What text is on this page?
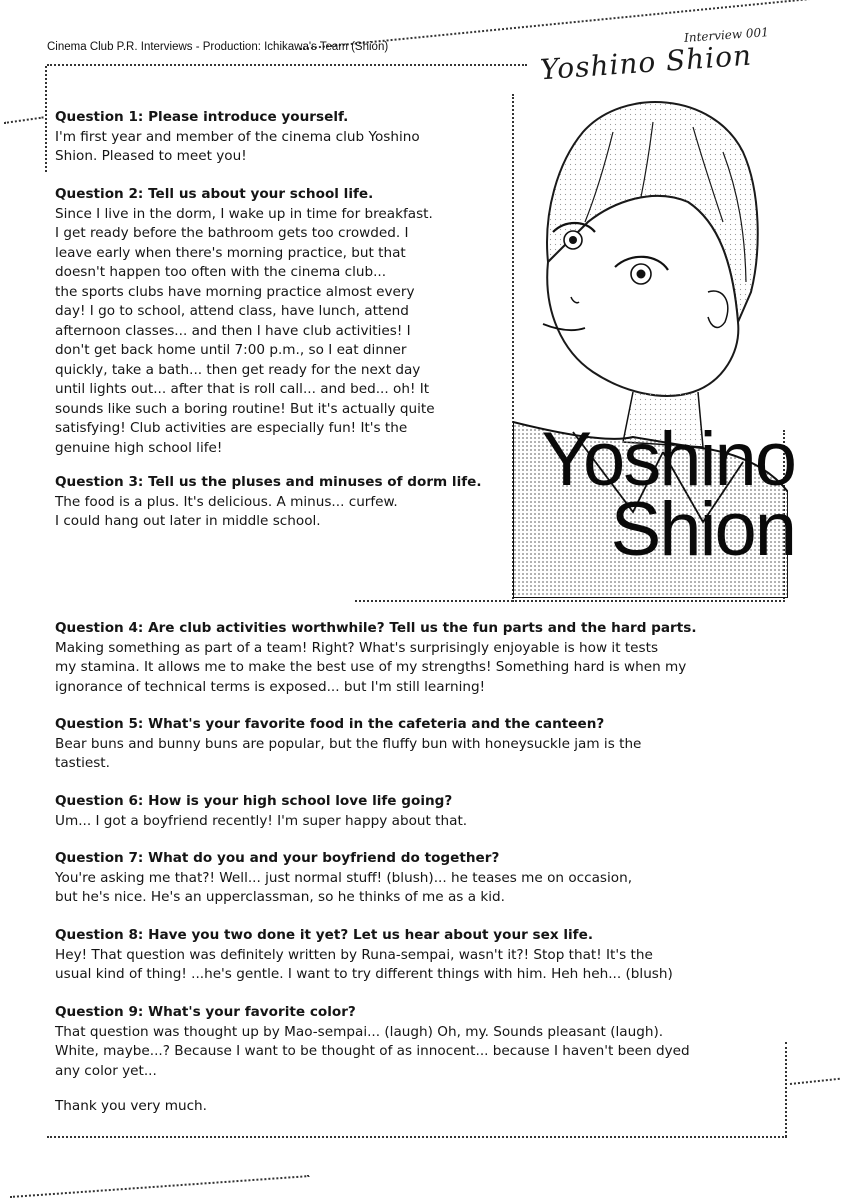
Cinema Club P.R. Interviews - Production: Ichikawa's Team (Shion)
Interview 001
Yoshino Shion
Yoshino
Shion
Question 1: Please introduce yourself.
I'm first year and member of the cinema club Yoshino
Shion. Pleased to meet you!
Question 2: Tell us about your school life.
Since I live in the dorm, I wake up in time for breakfast.
I get ready before the bathroom gets too crowded. I
leave early when there's morning practice, but that
doesn't happen too often with the cinema club...
the sports clubs have morning practice almost every
day! I go to school, attend class, have lunch, attend
afternoon classes... and then I have club activities! I
don't get back home until 7:00 p.m., so I eat dinner
quickly, take a bath... then get ready for the next day
until lights out... after that is roll call... and bed... oh! It
sounds like such a boring routine! But it's actually quite
satisfying! Club activities are especially fun! It's the
genuine high school life!
Question 3: Tell us the pluses and minuses of dorm life.
The food is a plus. It's delicious. A minus... curfew.
I could hang out later in middle school.
Question 4: Are club activities worthwhile? Tell us the fun parts and the hard parts.
Making something as part of a team! Right? What's surprisingly enjoyable is how it tests
my stamina. It allows me to make the best use of my strengths! Something hard is when my
ignorance of technical terms is exposed... but I'm still learning!
Question 5: What's your favorite food in the cafeteria and the canteen?
Bear buns and bunny buns are popular, but the fluffy bun with honeysuckle jam is the
tastiest.
Question 6: How is your high school love life going?
Um... I got a boyfriend recently! I'm super happy about that.
Question 7: What do you and your boyfriend do together?
You're asking me that?! Well... just normal stuff! (blush)... he teases me on occasion,
but he's nice. He's an upperclassman, so he thinks of me as a kid.
Question 8: Have you two done it yet? Let us hear about your sex life.
Hey! That question was definitely written by Runa-sempai, wasn't it?! Stop that! It's the
usual kind of thing! ...he's gentle. I want to try different things with him. Heh heh... (blush)
Question 9: What's your favorite color?
That question was thought up by Mao-sempai... (laugh) Oh, my. Sounds pleasant (laugh).
White, maybe...? Because I want to be thought of as innocent... because I haven't been dyed
any color yet...
Thank you very much.
